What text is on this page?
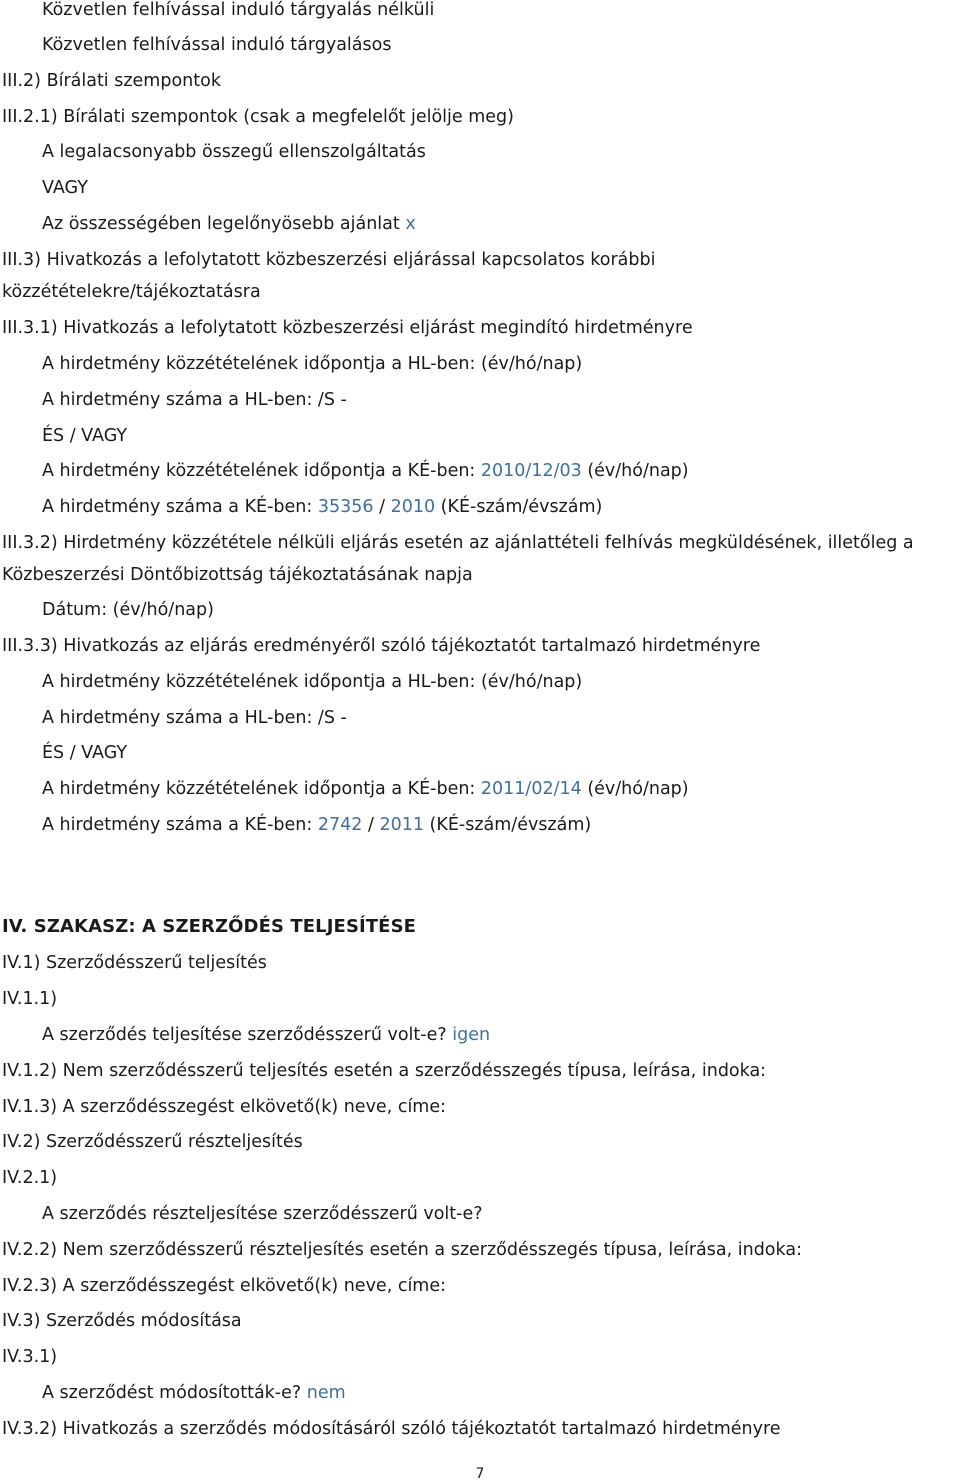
Közvetlen felhívással induló tárgyalás nélküli
Közvetlen felhívással induló tárgyalásos
III.2) Bírálati szempontok
III.2.1) Bírálati szempontok (csak a megfelelőt jelölje meg)
A legalacsonyabb összegű ellenszolgáltatás
VAGY
Az összességében legelőnyösebb ajánlat x
III.3) Hivatkozás a lefolytatott közbeszerzési eljárással kapcsolatos korábbi
közzétételekre/tájékoztatásra
III.3.1) Hivatkozás a lefolytatott közbeszerzési eljárást megindító hirdetményre
A hirdetmény közzétételének időpontja a HL-ben: (év/hó/nap)
A hirdetmény száma a HL-ben: /S -
ÉS / VAGY
A hirdetmény közzétételének időpontja a KÉ-ben: 2010/12/03 (év/hó/nap)
A hirdetmény száma a KÉ-ben: 35356 / 2010 (KÉ-szám/évszám)
III.3.2) Hirdetmény közzététele nélküli eljárás esetén az ajánlattételi felhívás megküldésének, illetőleg a
Közbeszerzési Döntőbizottság tájékoztatásának napja
Dátum: (év/hó/nap)
III.3.3) Hivatkozás az eljárás eredményéről szóló tájékoztatót tartalmazó hirdetményre
A hirdetmény közzétételének időpontja a HL-ben: (év/hó/nap)
A hirdetmény száma a HL-ben: /S -
ÉS / VAGY
A hirdetmény közzétételének időpontja a KÉ-ben: 2011/02/14 (év/hó/nap)
A hirdetmény száma a KÉ-ben: 2742 / 2011 (KÉ-szám/évszám)
IV. SZAKASZ: A SZERZŐDÉS TELJESÍTÉSE
IV.1) Szerződésszerű teljesítés
IV.1.1)
A szerződés teljesítése szerződésszerű volt-e? igen
IV.1.2) Nem szerződésszerű teljesítés esetén a szerződésszegés típusa, leírása, indoka:
IV.1.3) A szerződésszegést elkövető(k) neve, címe:
IV.2) Szerződésszerű részteljesítés
IV.2.1)
A szerződés részteljesítése szerződésszerű volt-e?
IV.2.2) Nem szerződésszerű részteljesítés esetén a szerződésszegés típusa, leírása, indoka:
IV.2.3) A szerződésszegést elkövető(k) neve, címe:
IV.3) Szerződés módosítása
IV.3.1)
A szerződést módosították-e? nem
IV.3.2) Hivatkozás a szerződés módosításáról szóló tájékoztatót tartalmazó hirdetményre
7
